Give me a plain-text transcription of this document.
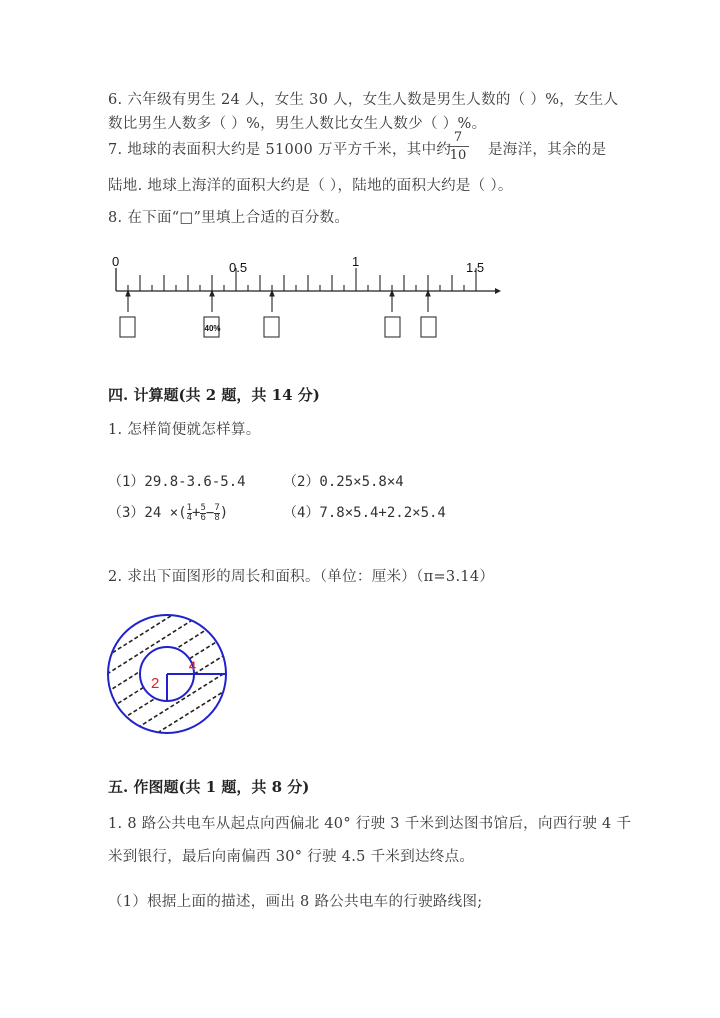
6. 六年级有男生 24 人，女生 30 人，女生人数是男生人数的（ ）%，女生人
数比男生人数多（ ）%，男生人数比女生人数少（ ）%。
7. 地球的表面积大约是 51000 万平方千米，其中约
$\frac{7}{10}$ 是海洋，其余的是
陆地. 地球上海洋的面积大约是（ ），陆地的面积大约是（ ）。
8. 在下面“□”里填上合适的百分数。
0	0.5	1	1.5
40%
四. 计算题(共 2 题，共 14 分)
1. 怎样简便就怎样算。
（1）29.8-3.6-5.4	（2）0.25×5.8×4
（3）24 ×( $\frac{1}{4} + \frac{5}{6} - \frac{7}{8}$ )	（4）7.8×5.4+2.2×5.4
2. 求出下面图形的周长和面积。（单位：厘米）（π=3.14）
2
4
五. 作图题(共 1 题，共 8 分)
1. 8 路公共电车从起点向西偏北 40° 行驶 3 千米到达图书馆后，向西行驶 4 千
米到银行，最后向南偏西 30° 行驶 4.5 千米到达终点。
（1）根据上面的描述，画出 8 路公共电车的行驶路线图;
